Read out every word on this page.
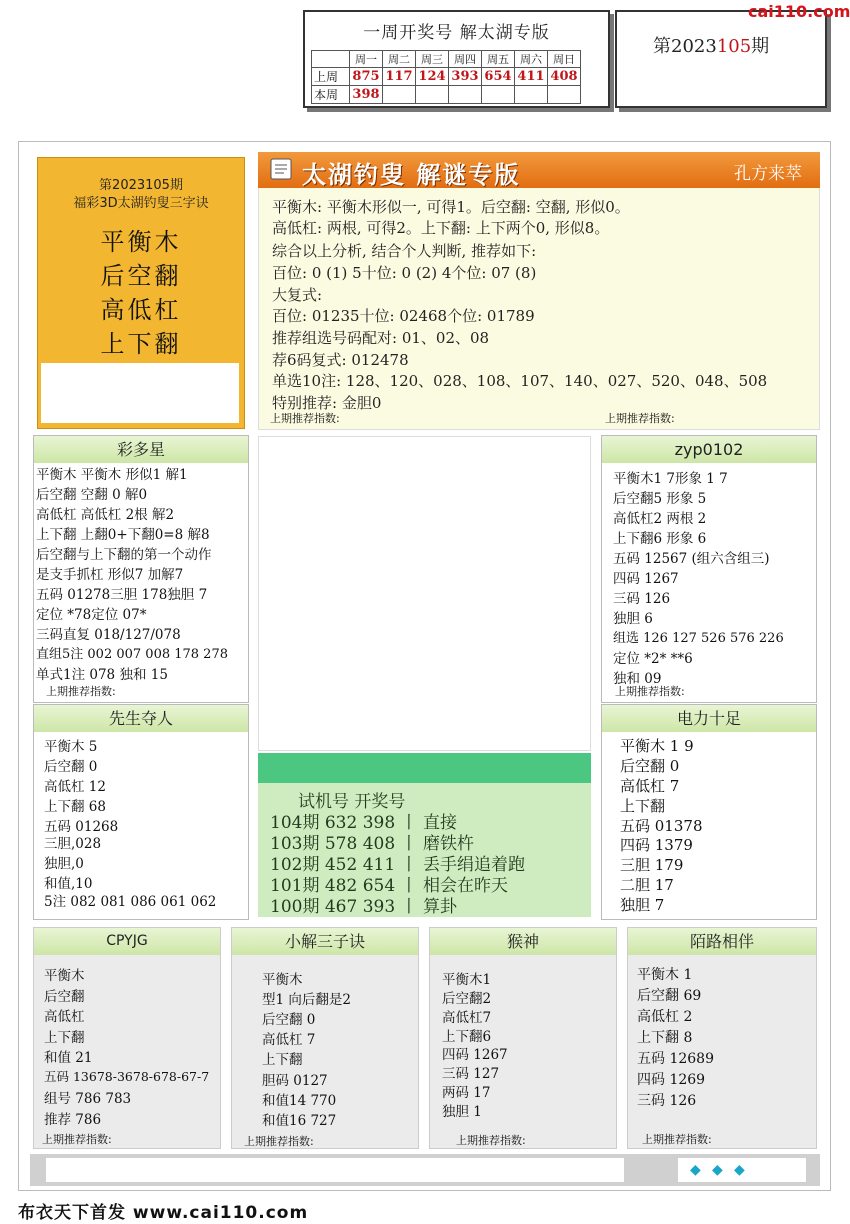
一周开奖号 解太湖专版
	周一	周二	周三	周四	周五	周六	周日
上周	875	117	124	393	654	411	408
本周	398						
第2023105期
cai110.com
第2023105期
福彩3D太湖钓叟三字诀
平衡木
后空翻
高低杠
上下翻
太湖钓叟 解谜专版	孔方来萃
平衡木: 平衡木形似一, 可得1。后空翻: 空翻, 形似0。
高低杠: 两根, 可得2。上下翻: 上下两个0, 形似8。
综合以上分析, 结合个人判断, 推荐如下:
百位: 0 (1) 5十位: 0 (2) 4个位: 07 (8)
大复式:
百位: 01235十位: 02468个位: 01789
推荐组选号码配对: 01、02、08
荐6码复式: 012478
单选10注: 128、120、028、108、107、140、027、520、048、508
特别推荐: 金胆0
上期推荐指数:	上期推荐指数:
彩多星
平衡木 平衡木 形似1 解1
后空翻 空翻 0 解0
高低杠 高低杠 2根 解2
上下翻 上翻0+下翻0=8 解8
后空翻与上下翻的第一个动作
是支手抓杠 形似7 加解7
五码 01278三胆 178独胆 7
定位 *78定位 07*
三码直复 018/127/078
直组5注 002 007 008 178 278
单式1注 078 独和 15
上期推荐指数:
zyp0102
平衡木1 7形象 1 7
后空翻5 形象 5
高低杠2 两根 2
上下翻6 形象 6
五码 12567 (组六含组三)
四码 1267
三码 126
独胆 6
组选 126 127 526 576 226
定位 *2* **6
独和 09
上期推荐指数:
先生夺人
平衡木 5
后空翻 0
高低杠 12
上下翻 68
五码 01268
三胆,028
独胆,0
和值,10
5注 082 081 086 061 062
电力十足
平衡木 1 9
后空翻 0
高低杠 7
上下翻
五码 01378
四码 1379
三胆 179
二胆 17
独胆 7
试机号 开奖号
104期 632 398 丨 直接
103期 578 408 丨 磨铁杵
102期 452 411 丨 丢手绢追着跑
101期 482 654 丨 相会在昨天
100期 467 393 丨 算卦
CPYJG
平衡木
后空翻
高低杠
上下翻
和值 21
五码 13678-3678-678-67-7
组号 786 783
推荐 786
上期推荐指数:
小解三子诀
平衡木
型1 向后翻是2
后空翻 0
高低杠 7
上下翻
胆码 0127
和值14 770
和值16 727
上期推荐指数:
猴神
平衡木1
后空翻2
高低杠7
上下翻6
四码 1267
三码 127
两码 17
独胆 1
上期推荐指数:
陌路相伴
平衡木 1
后空翻 69
高低杠 2
上下翻 8
五码 12689
四码 1269
三码 126
上期推荐指数:
◆ ◆ ◆
布衣天下首发 www.cai110.com
